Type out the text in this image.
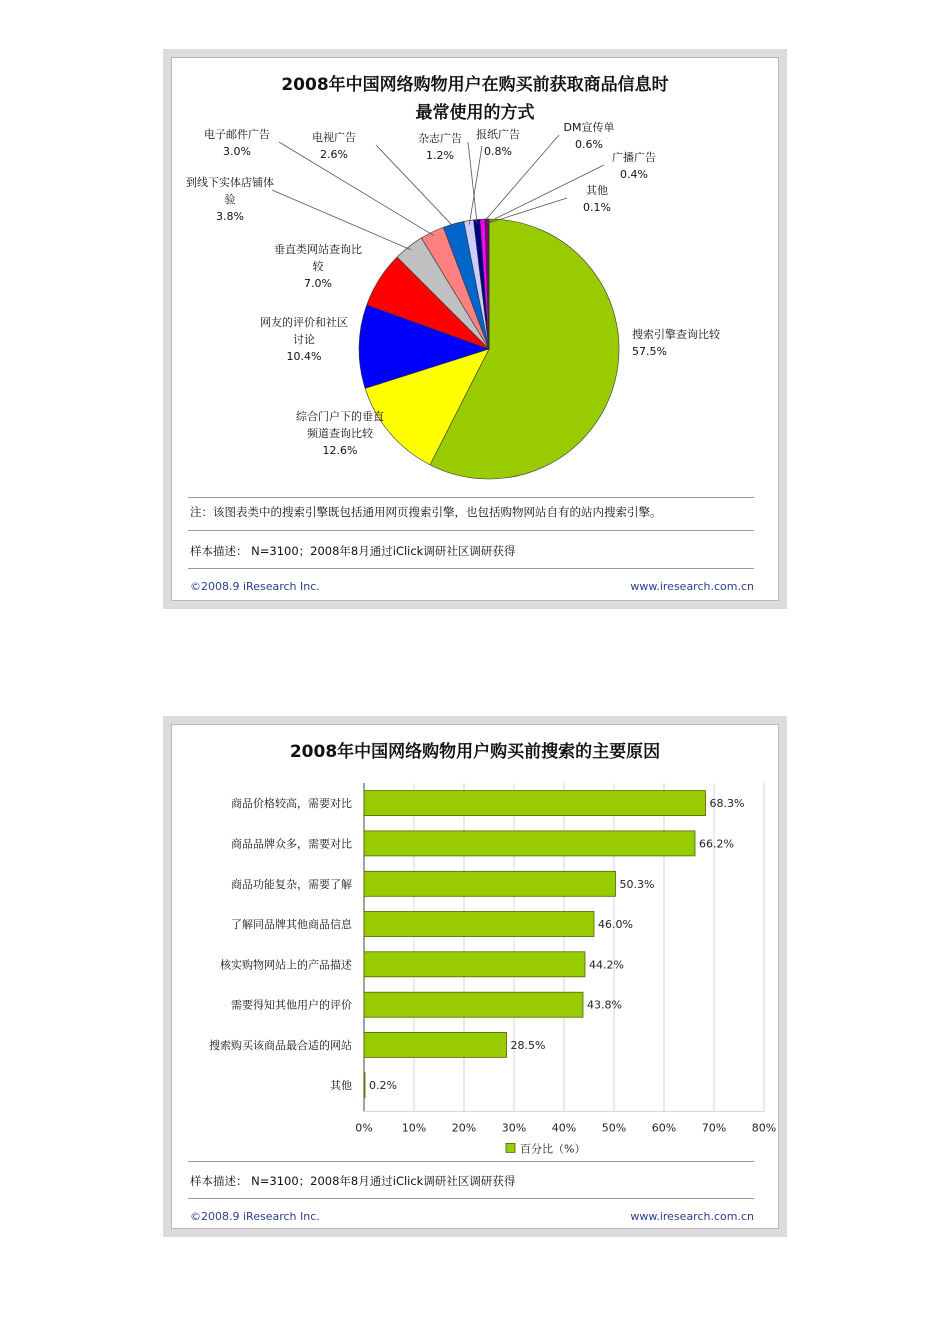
2008年中国网络购物用户在购买前获取商品信息时
最常使用的方式
搜索引擎查询比较
57.5%
综合门户下的垂直
频道查询比较
12.6%
网友的评价和社区
讨论
10.4%
垂直类网站查询比
较
7.0%
到线下实体店铺体
验
3.8%
电子邮件广告
3.0%
电视广告
2.6%
杂志广告
1.2%
报纸广告
0.8%
DM宣传单
0.6%
广播广告
0.4%
其他
0.1%
注：该图表类中的搜索引擎既包括通用网页搜索引擎，也包括购物网站自有的站内搜索引擎。
样本描述： N=3100；2008年8月通过iClick调研社区调研获得
©2008.9 iResearch Inc.	www.iresearch.com.cn
2008年中国网络购物用户购买前搜索的主要原因
商品价格较高，需要对比	68.3%
商品品牌众多，需要对比	66.2%
商品功能复杂，需要了解	50.3%
了解同品牌其他商品信息	46.0%
核实购物网站上的产品描述	44.2%
需要得知其他用户的评价	43.8%
搜索购买该商品最合适的网站	28.5%
其他 0.2%
0%	10% 20% 30% 40% 50% 60% 70% 80%
百分比（%）
样本描述： N=3100；2008年8月通过iClick调研社区调研获得
©2008.9 iResearch Inc.	www.iresearch.com.cn
